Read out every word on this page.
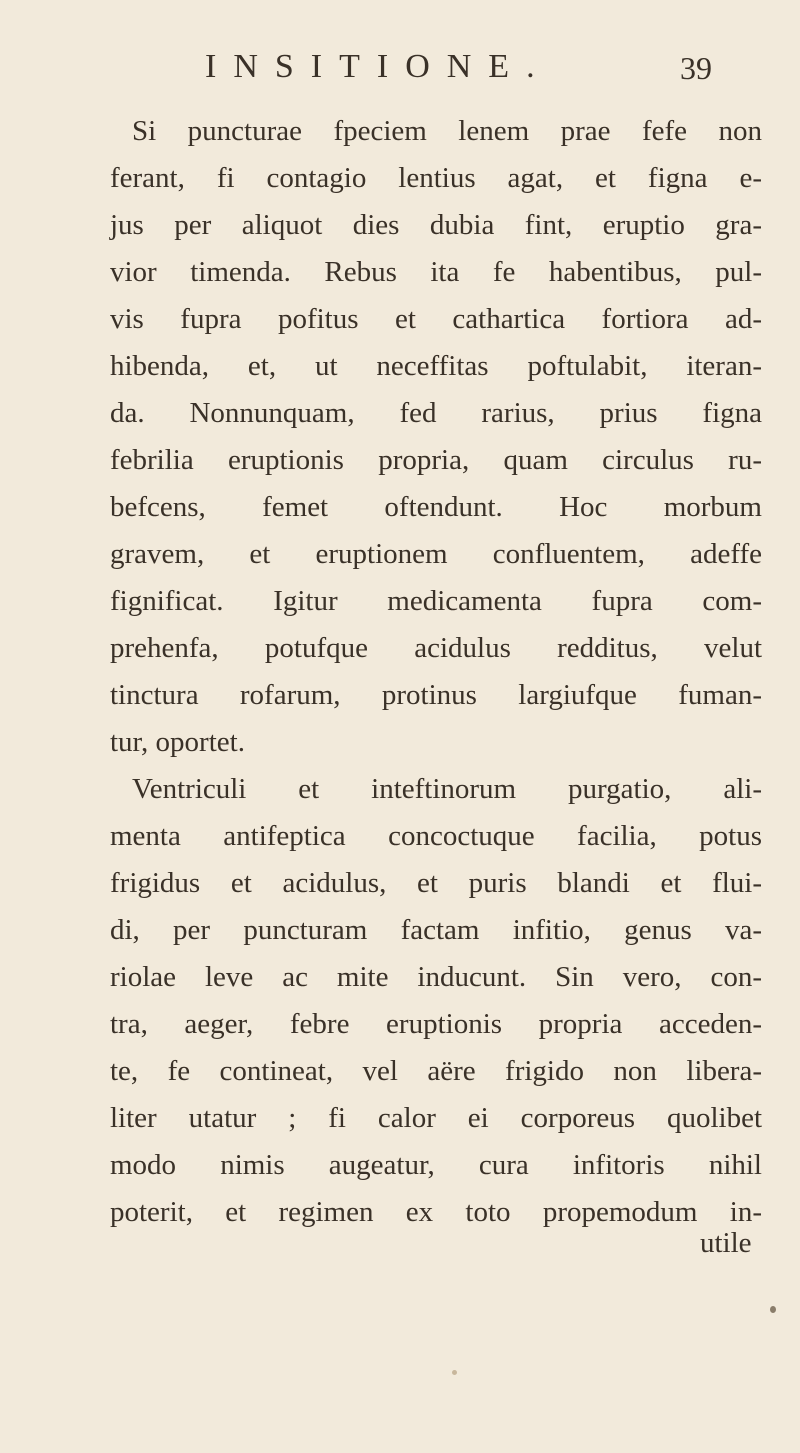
INSITIONE.	39
Si puncturae fpeciem lenem prae fefe non
ferant, fi contagio lentius agat, et figna e-
jus per aliquot dies dubia fint, eruptio gra-
vior timenda. Rebus ita fe habentibus, pul-
vis fupra pofitus et cathartica fortiora ad-
hibenda, et, ut neceffitas poftulabit, iteran-
da. Nonnunquam, fed rarius, prius figna
febrilia eruptionis propria, quam circulus ru-
befcens, femet oftendunt. Hoc morbum
gravem, et eruptionem confluentem, adeffe
fignificat. Igitur medicamenta fupra com-
prehenfa, potufque acidulus redditus, velut
tinctura rofarum, protinus largiufque fuman-
tur, oportet.
Ventriculi et inteftinorum purgatio, ali-
menta antifeptica concoctuque facilia, potus
frigidus et acidulus, et puris blandi et flui-
di, per puncturam factam infitio, genus va-
riolae leve ac mite inducunt. Sin vero, con-
tra, aeger, febre eruptionis propria acceden-
te, fe contineat, vel aëre frigido non libera-
liter utatur ; fi calor ei corporeus quolibet
modo nimis augeatur, cura infitoris nihil
poterit, et regimen ex toto propemodum in-
utile
